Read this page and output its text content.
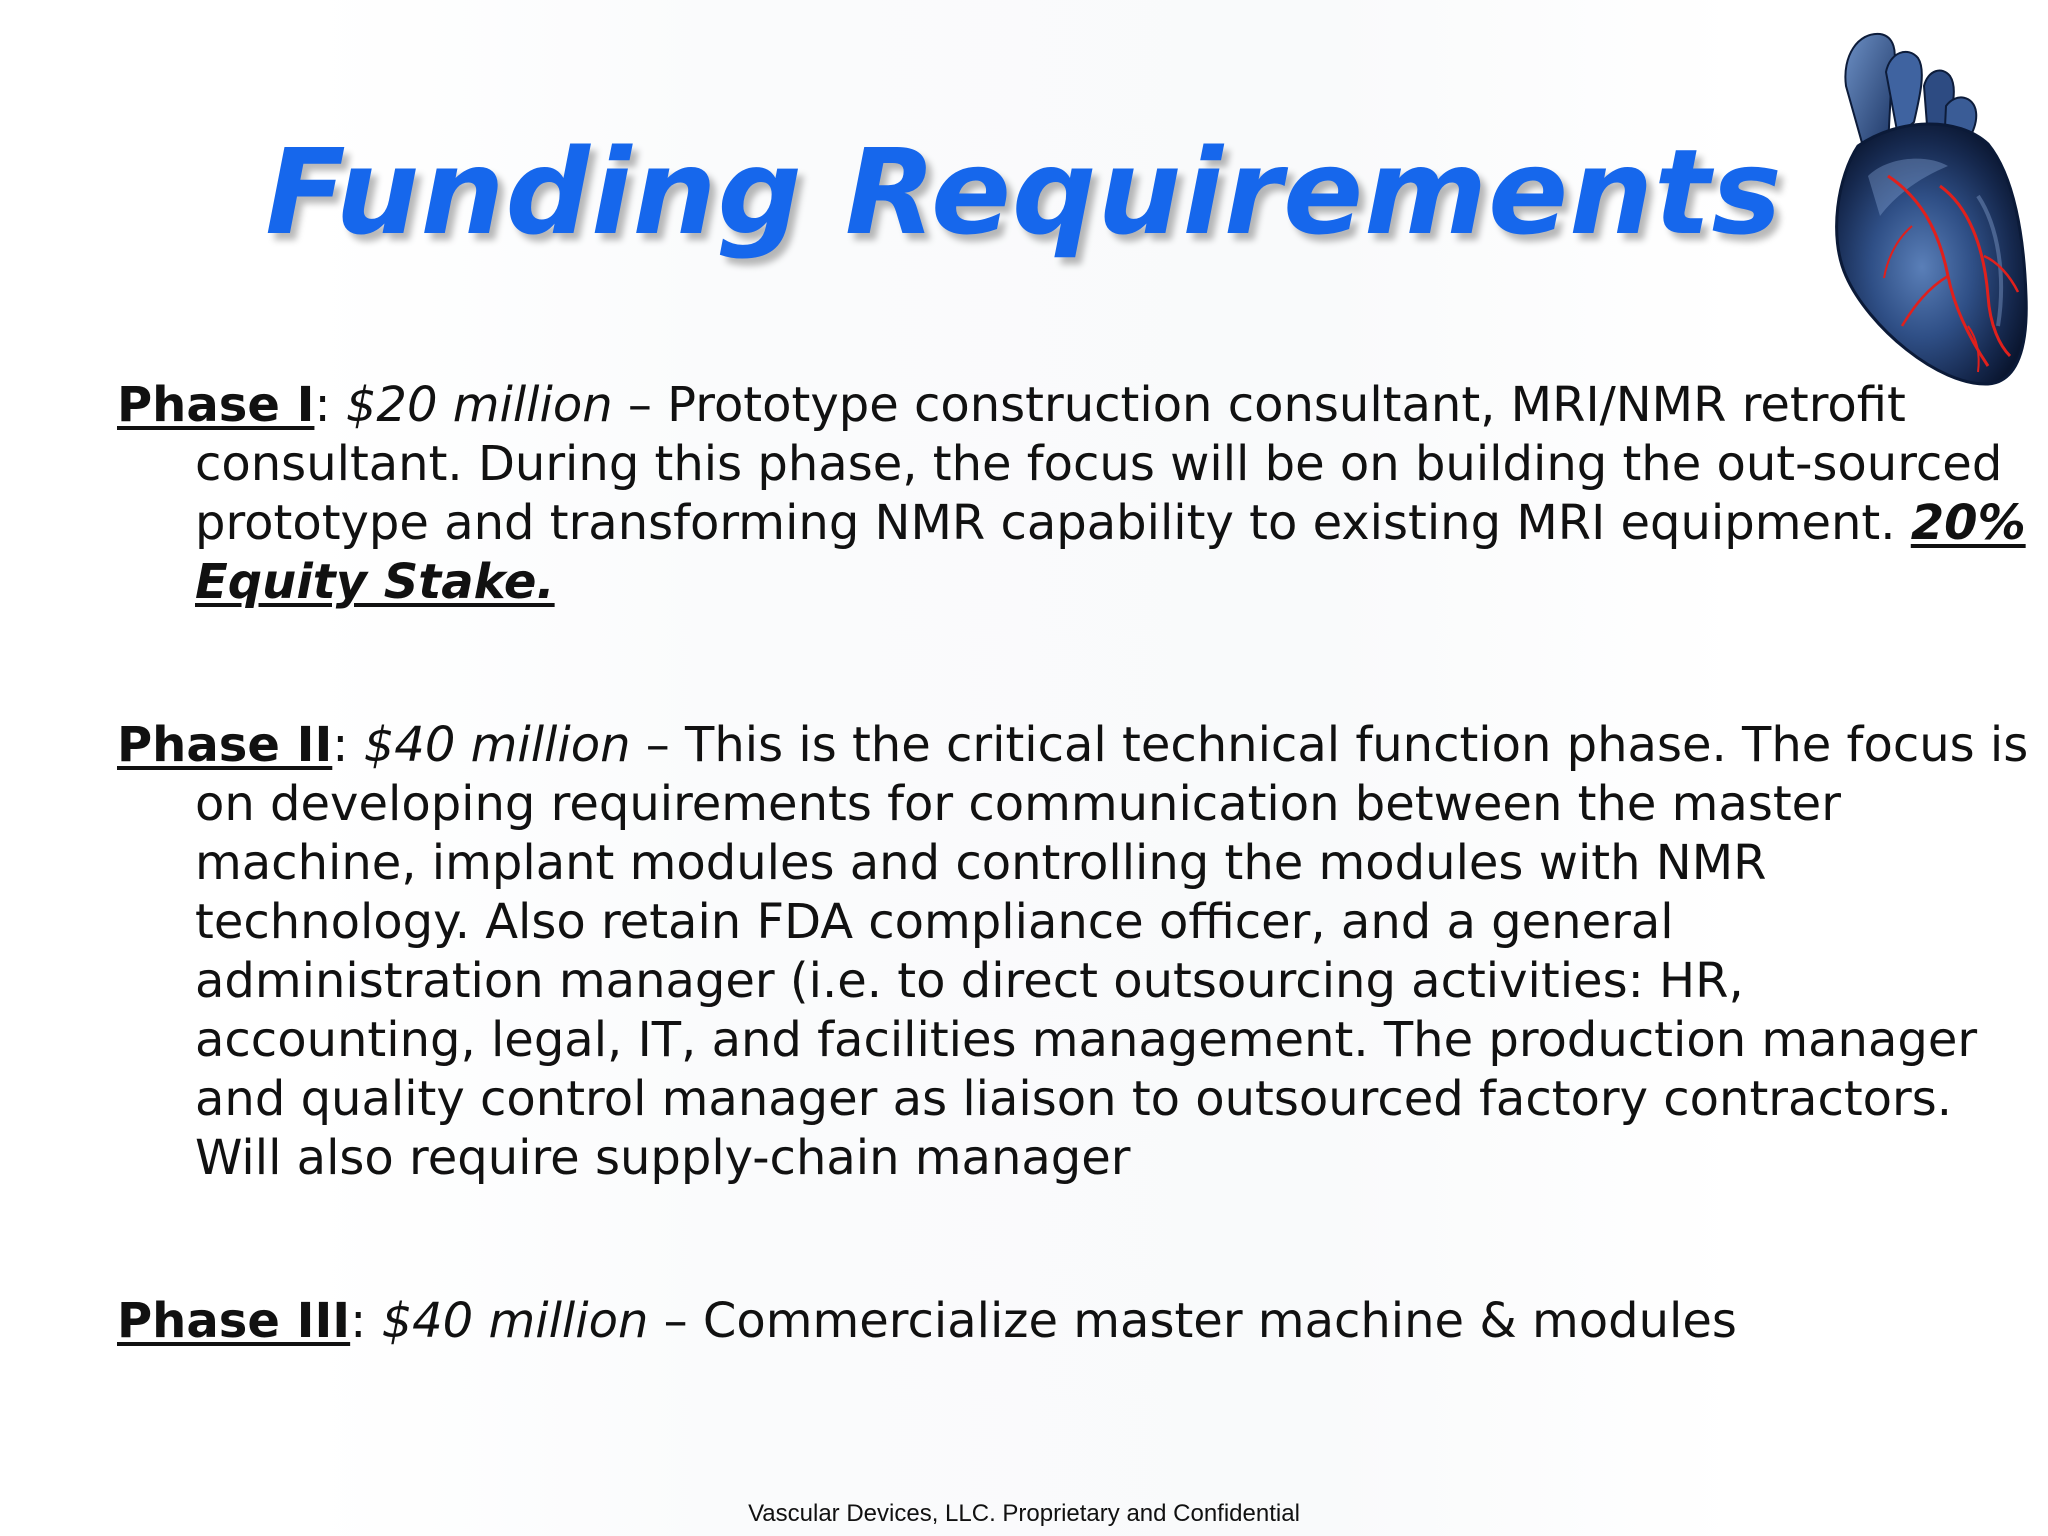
Funding Requirements

Phase I: $20 million – Prototype construction consultant, MRI/NMR retrofit consultant. During this phase, the focus will be on building the out-sourced prototype and transforming NMR capability to existing MRI equipment. 20% Equity Stake.

Phase II: $40 million – This is the critical technical function phase. The focus is on developing requirements for communication between the master machine, implant modules and controlling the modules with NMR technology. Also retain FDA compliance officer, and a general administration manager (i.e. to direct outsourcing activities: HR, accounting, legal, IT, and facilities management. The production manager and quality control manager as liaison to outsourced factory contractors. Will also require supply-chain manager

Phase III: $40 million – Commercialize master machine & modules

Vascular Devices, LLC. Proprietary and Confidential
